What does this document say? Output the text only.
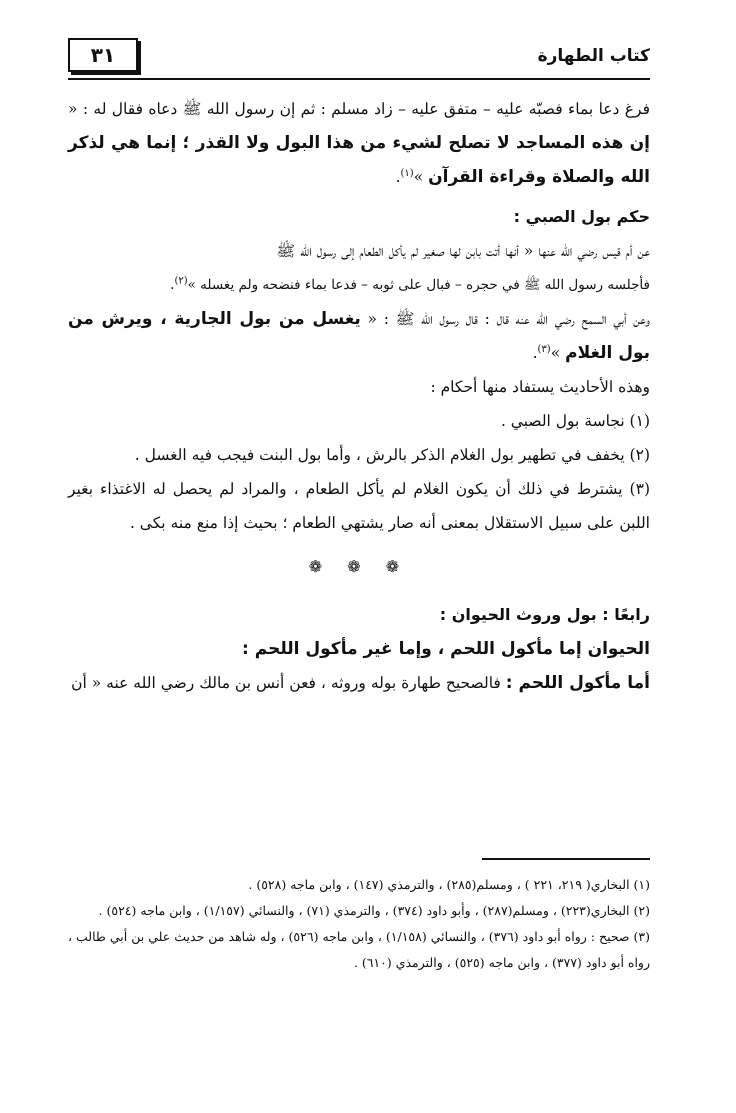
٣١	كتاب الطهارة

فرغ دعا بماء فصبّه عليه – متفق عليه – زاد مسلم : ثم إن رسول الله ﷺ دعاه فقال له : « إن هذه المساجد لا تصلح لشيء من هذا البول ولا القذر ؛ إنما هي لذكر الله والصلاة وقراءة القرآن »$^{(١)}$.

حكم بول الصبي :

عن أم قيس رضي الله عنها « أنها أتت بابن لها صغير لم يأكل الطعام إلى رسول الله ﷺ

فأجلسه رسول الله ﷺ في حجره – فبال على ثوبه – فدعا بماء فنضحه ولم يغسله »$^{(٢)}$.

وعن أبي السمح رضي الله عنه قال : قال رسول الله ﷺ : « يغسل من بول الجارية ، ويرش من بول الغلام »$^{(٣)}$.

وهذه الأحاديث يستفاد منها أحكام :

(١) نجاسة بول الصبي .

(٢) يخفف في تطهير بول الغلام الذكر بالرش ، وأما بول البنت فيجب فيه الغسل .

(٣) يشترط في ذلك أن يكون الغلام لم يأكل الطعام ، والمراد لم يحصل له الاغتذاء بغير اللبن على سبيل الاستقلال بمعنى أنه صار يشتهي الطعام ؛ بحيث إذا منع منه بكى .

❁ ❁ ❁

رابعًا : بول وروث الحيوان :

الحيوان إما مأكول اللحم ، وإما غير مأكول اللحم :

أما مأكول اللحم : فالصحيح طهارة بوله وروثه ، فعن أنس بن مالك رضي الله عنه « أن

(١) البخاري( ٢١٩، ٢٢١ ) ، ومسلم(٢٨٥) ، والترمذي (١٤٧) ، وابن ماجه (٥٢٨) .

(٢) البخاري(٢٢٣) ، ومسلم(٢٨٧) ، وأبو داود (٣٧٤) ، والترمذي (٧١) ، والنسائي (١/١٥٧) ، وابن ماجه (٥٢٤) .

(٣) صحيح : رواه أبو داود (٣٧٦) ، والنسائي (١/١٥٨) ، وابن ماجه (٥٢٦) ، وله شاهد من حديث علي بن أبي طالب ، رواه أبو داود (٣٧٧) ، وابن ماجه (٥٢٥) ، والترمذي (٦١٠) .
